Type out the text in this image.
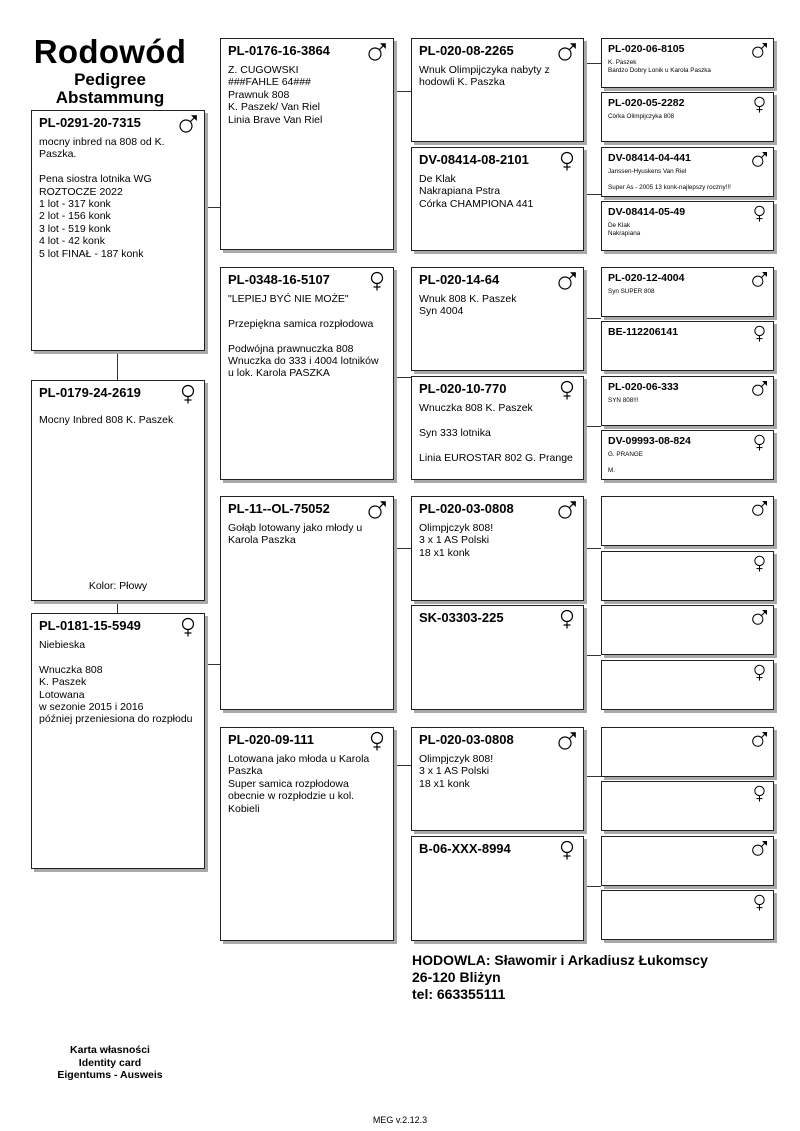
Rodowód
Pedigree
Abstammung
PL-0291-20-7315
mocny inbred na 808 od K. Paszka.

Pena siostra lotnika WG ROZTOCZE 2022
1 lot - 317 konk
2 lot - 156 konk
3 lot - 519 konk
4 lot - 42 konk
5 lot FINAŁ - 187 konk
PL-0179-24-2619
Mocny Inbred 808 K. Paszek
Kolor: Płowy
PL-0181-15-5949
Niebieska

Wnuczka 808
K. Paszek
Lotowana
w sezonie 2015 i 2016
później przeniesiona do rozpłodu
PL-0176-16-3864
Z. CUGOWSKI
###FAHLE 64###
Prawnuk 808
K. Paszek/ Van Riel
Linia Brave Van Riel
PL-0348-16-5107
"LEPIEJ BYĆ NIE MOŻE"

Przepiękna samica rozpłodowa

Podwójna prawnuczka 808
Wnuczka do 333 i 4004 lotników u lok. Karola PASZKA
PL-11--OL-75052
Gołąb lotowany jako młody u Karola Paszka
PL-020-09-111
Lotowana jako młoda u Karola Paszka
Super samica rozpłodowa obecnie w rozpłodzie u kol. Kobieli
PL-020-08-2265
Wnuk Olimpijczyka nabyty z hodowli K. Paszka
DV-08414-08-2101
De Klak
Nakrapiana Pstra
Córka CHAMPIONA 441
PL-020-14-64
Wnuk 808 K. Paszek
Syn 4004
PL-020-10-770
Wnuczka 808 K. Paszek

Syn 333 lotnika

Linia EUROSTAR 802 G. Prange
PL-020-03-0808
Olimpjczyk 808!
3 x 1 AS Polski
18 x1 konk
SK-03303-225
PL-020-03-0808
Olimpjczyk 808!
3 x 1 AS Polski
18 x1 konk
B-06-XXX-8994
PL-020-06-8105
K. Paszek
Bardzo Dobry Lonik u Karola Paszka
PL-020-05-2282
Córka Olimpijczyka 808
DV-08414-04-441
Janssen-Hyuskens Van Riel

Super As - 2005 13 konk-najlepszy roczny!!!
DV-08414-05-49
De Klak
Nakrapiana
PL-020-12-4004
Syn SUPER 808
BE-112206141
PL-020-06-333
SYN 808!!!
DV-09993-08-824
G. PRANGE

M.
HODOWLA: Sławomir i Arkadiusz Łukomscy
26-120 Bliżyn
tel: 663355111
Karta własności
Identity card
Eigentums - Ausweis
MEG v.2.12.3
